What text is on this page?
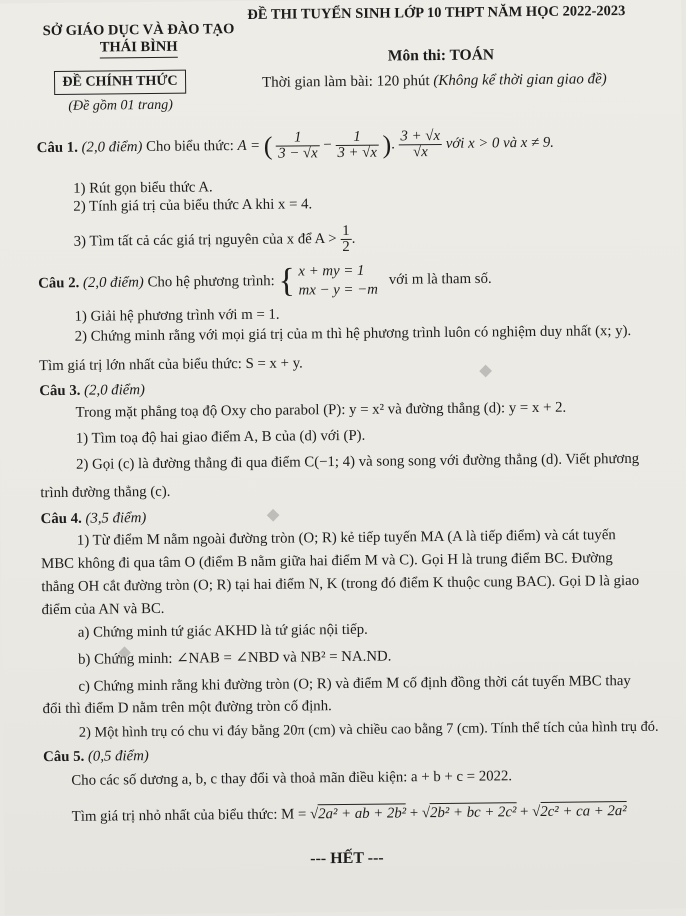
SỞ GIÁO DỤC VÀ ĐÀO TẠO
THÁI BÌNH
ĐỀ CHÍNH THỨC
(Đề gồm 01 trang)
ĐỀ THI TUYỂN SINH LỚP 10 THPT NĂM HỌC 2022-2023
Môn thi: TOÁN
Thời gian làm bài: 120 phút (Không kể thời gian giao đề)
Câu 1. (2,0 điểm) Cho biểu thức: A = ( $\frac{1}{3 - √x} - \frac{1}{3 + √x}$ ). $\frac{3 + √x}{√x}$ với x > 0 và x ≠ 9.
1) Rút gọn biểu thức A.
2) Tính giá trị của biểu thức A khi x = 4.
3) Tìm tất cả các giá trị nguyên của x để $A > \frac{1}{2}$ .
Câu 2. (2,0 điểm) Cho hệ phương trình: { x + my = 1
mx − y = −m
với m là tham số.
1) Giải hệ phương trình với m = 1.
2) Chứng minh rằng với mọi giá trị của m thì hệ phương trình luôn có nghiệm duy nhất (x; y).
Tìm giá trị lớn nhất của biểu thức: S = x + y.
Câu 3. (2,0 điểm)
Trong mặt phẳng toạ độ Oxy cho parabol (P): y = x² và đường thẳng (d): y = x + 2.
1) Tìm toạ độ hai giao điểm A, B của (d) với (P).
2) Gọi (c) là đường thẳng đi qua điểm C(−1; 4) và song song với đường thẳng (d). Viết phương
trình đường thẳng (c).
Câu 4. (3,5 điểm)
1) Từ điểm M nằm ngoài đường tròn (O; R) kẻ tiếp tuyến MA (A là tiếp điểm) và cát tuyến
MBC không đi qua tâm O (điểm B nằm giữa hai điểm M và C). Gọi H là trung điểm BC. Đường
thẳng OH cắt đường tròn (O; R) tại hai điểm N, K (trong đó điểm K thuộc cung BAC). Gọi D là giao
điểm của AN và BC.
a) Chứng minh tứ giác AKHD là tứ giác nội tiếp.
b) Chứng minh: ∠NAB = ∠NBD và NB² = NA.ND.
c) Chứng minh rằng khi đường tròn (O; R) và điểm M cố định đồng thời cát tuyến MBC thay
đổi thì điểm D nằm trên một đường tròn cố định.
2) Một hình trụ có chu vi đáy bằng 20π (cm) và chiều cao bằng 7 (cm). Tính thể tích của hình trụ đó.
Câu 5. (0,5 điểm)
Cho các số dương a, b, c thay đổi và thoả mãn điều kiện: a + b + c = 2022.
Tìm giá trị nhỏ nhất của biểu thức: M = √2a² + ab + 2b² + √2b² + bc + 2c² + √2c² + ca + 2a²
--- HẾT ---
